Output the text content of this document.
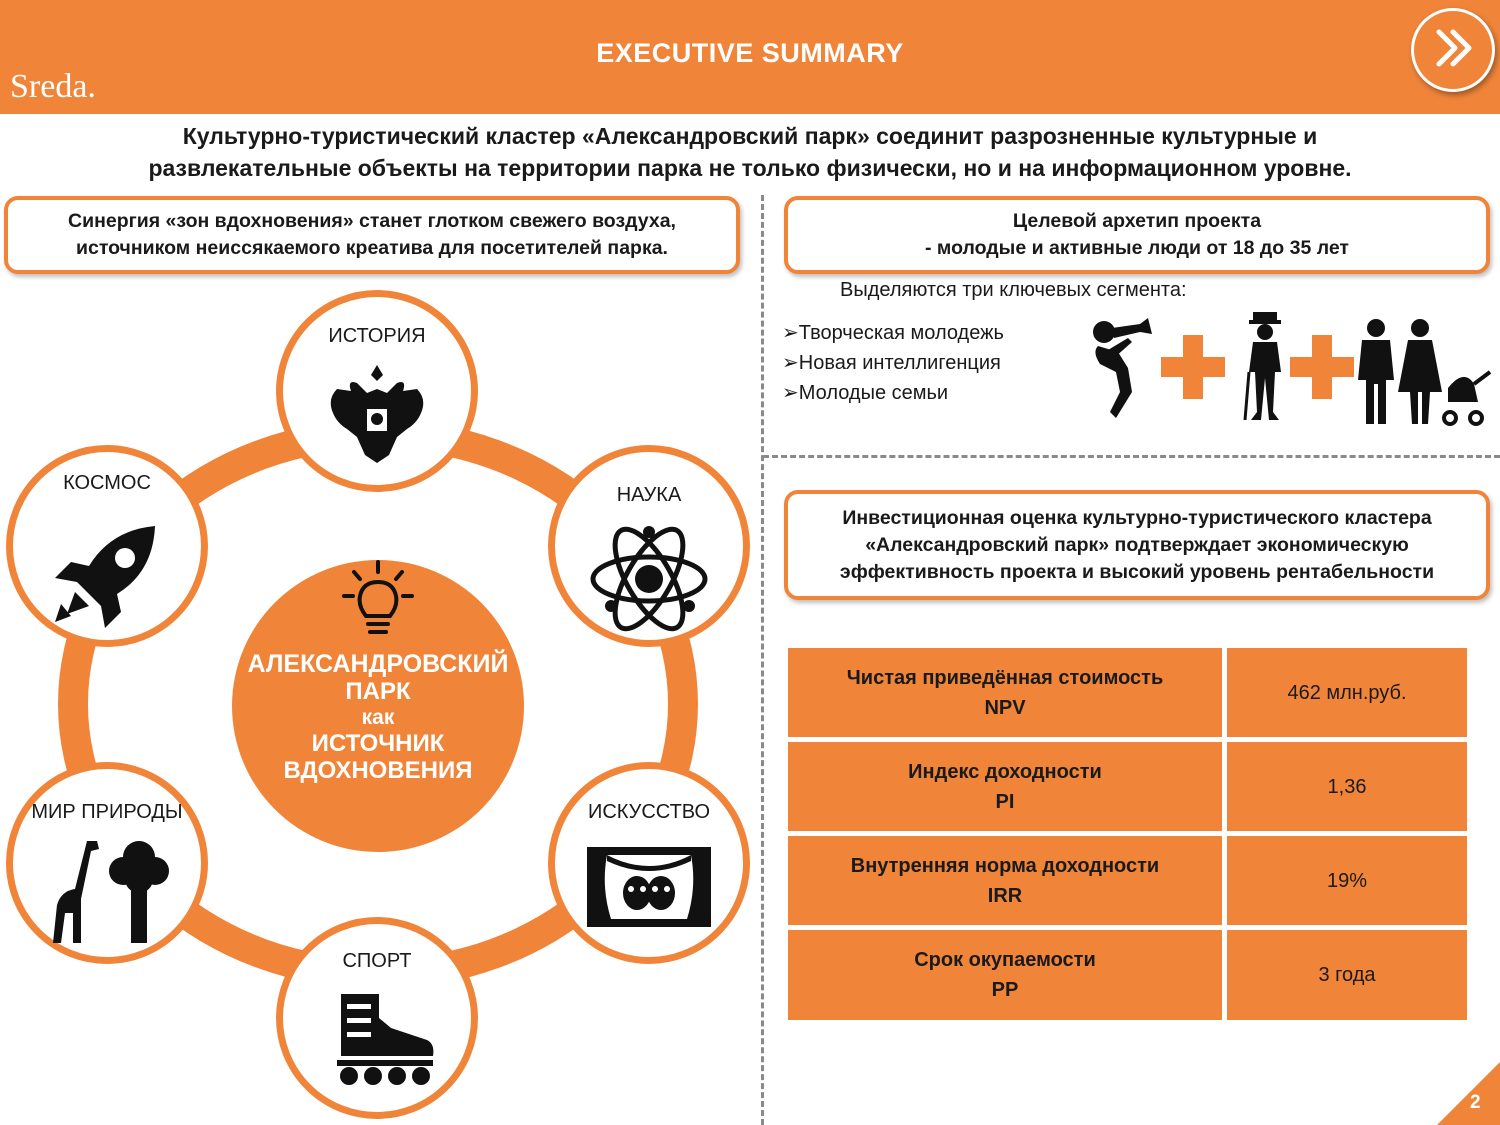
EXECUTIVE SUMMARY
Sreda.
Культурно-туристический кластер «Александровский парк» соединит разрозненные культурные и
развлекательные объекты на территории парка не только физически, но и на информационном уровне.
Синергия «зон вдохновения» станет глотком свежего воздуха,
источником неиссякаемого креатива для посетителей парка.
Целевой архетип проекта
- молодые и активные люди от 18 до 35 лет
Выделяются три ключевых сегмента:
➢Творческая молодежь
➢Новая интеллигенция
➢Молодые семьи
Инвестиционная оценка культурно-туристического кластера
«Александровский парк» подтверждает экономическую
эффективность проекта и высокий уровень рентабельности
Чистая приведённая стоимость
NPV
462 млн.руб.
Индекс доходности
PI
1,36
Внутренняя норма доходности
IRR
19%
Срок окупаемости
PP
3 года
АЛЕКСАНДРОВСКИЙ
ПАРК
как
ИСТОЧНИК
ВДОХНОВЕНИЯ
ИСТОРИЯ
НАУКА
ИСКУССТВО
СПОРТ
МИР ПРИРОДЫ
КОСМОС
2
